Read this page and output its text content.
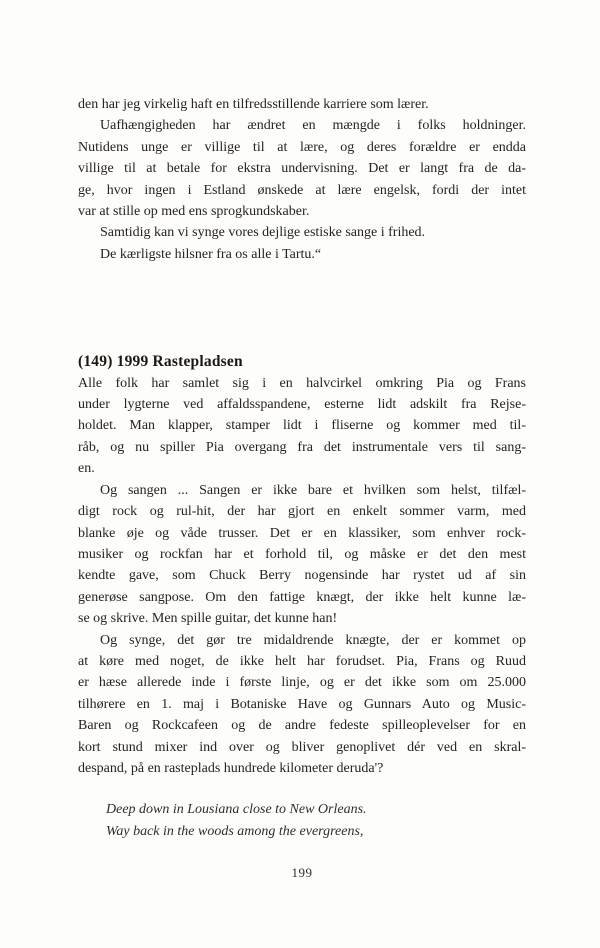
den har jeg virkelig haft en tilfredsstillende karriere som lærer.
Uafhængigheden har ændret en mængde i folks holdninger.
Nutidens unge er villige til at lære, og deres forældre er endda
villige til at betale for ekstra undervisning. Det er langt fra de da-
ge, hvor ingen i Estland ønskede at lære engelsk, fordi der intet
var at stille op med ens sprogkundskaber.
Samtidig kan vi synge vores dejlige estiske sange i frihed.
De kærligste hilsner fra os alle i Tartu.“
(149) 1999 Rastepladsen
Alle folk har samlet sig i en halvcirkel omkring Pia og Frans
under lygterne ved affaldsspandene, esterne lidt adskilt fra Rejse-
holdet. Man klapper, stamper lidt i fliserne og kommer med til-
råb, og nu spiller Pia overgang fra det instrumentale vers til sang-
en.
Og sangen ... Sangen er ikke bare et hvilken som helst, tilfæl-
digt rock og rul-hit, der har gjort en enkelt sommer varm, med
blanke øje og våde trusser. Det er en klassiker, som enhver rock-
musiker og rockfan har et forhold til, og måske er det den mest
kendte gave, som Chuck Berry nogensinde har rystet ud af sin
generøse sangpose. Om den fattige knægt, der ikke helt kunne læ-
se og skrive. Men spille guitar, det kunne han!
Og synge, det gør tre midaldrende knægte, der er kommet op
at køre med noget, de ikke helt har forudset. Pia, Frans og Ruud
er hæse allerede inde i første linje, og er det ikke som om 25.000
tilhørere en 1. maj i Botaniske Have og Gunnars Auto og Music-
Baren og Rockcafeen og de andre fedeste spilleoplevelser for en
kort stund mixer ind over og bliver genoplivet dér ved en skral-
despand, på en rasteplads hundrede kilometer deruda'?
Deep down in Lousiana close to New Orleans.
Way back in the woods among the evergreens,
199
